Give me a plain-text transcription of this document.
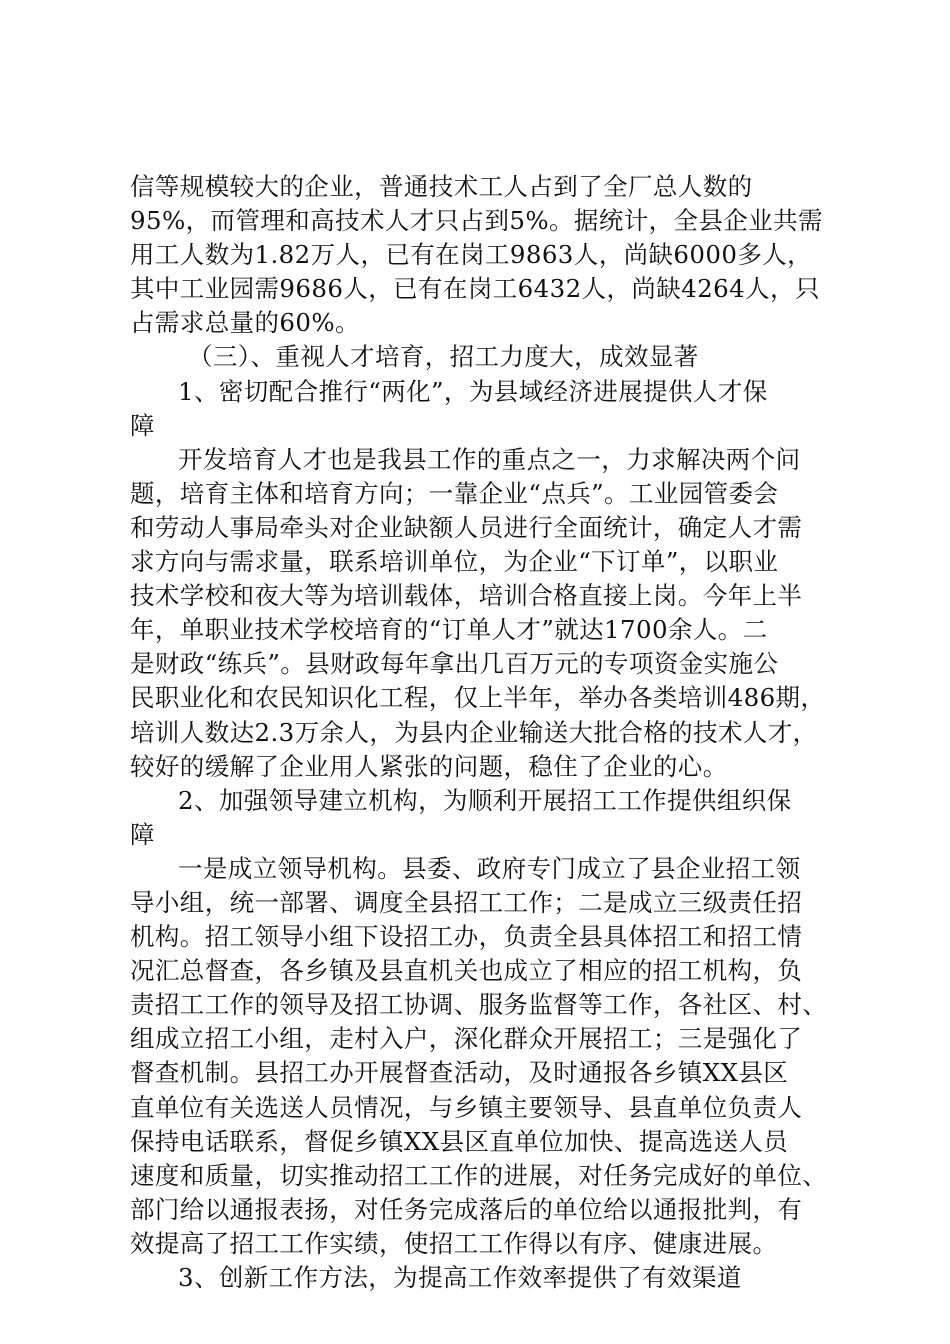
信等规模较大的企业，普通技术工人占到了全厂总人数的
95%，而管理和高技术人才只占到5%。据统计，全县企业共需
用工人数为1.82万人，已有在岗工9863人，尚缺6000多人，
其中工业园需9686人，已有在岗工6432人，尚缺4264人，只
占需求总量的60%。
（三）、重视人才培育，招工力度大，成效显著
1、密切配合推行“两化”，为县域经济进展提供人才保
障
开发培育人才也是我县工作的重点之一，力求解决两个问
题，培育主体和培育方向；一靠企业“点兵”。工业园管委会
和劳动人事局牵头对企业缺额人员进行全面统计，确定人才需
求方向与需求量，联系培训单位，为企业“下订单”，以职业
技术学校和夜大等为培训载体，培训合格直接上岗。今年上半
年，单职业技术学校培育的“订单人才”就达1700余人。二
是财政“练兵”。县财政每年拿出几百万元的专项资金实施公
民职业化和农民知识化工程，仅上半年，举办各类培训486期，
培训人数达2.3万余人，为县内企业输送大批合格的技术人才，
较好的缓解了企业用人紧张的问题，稳住了企业的心。
2、加强领导建立机构，为顺利开展招工工作提供组织保
障
一是成立领导机构。县委、政府专门成立了县企业招工领
导小组，统一部署、调度全县招工工作；二是成立三级责任招
机构。招工领导小组下设招工办，负责全县具体招工和招工情
况汇总督查，各乡镇及县直机关也成立了相应的招工机构，负
责招工工作的领导及招工协调、服务监督等工作，各社区、村、
组成立招工小组，走村入户，深化群众开展招工；三是强化了
督查机制。县招工办开展督查活动，及时通报各乡镇XX县区
直单位有关选送人员情况，与乡镇主要领导、县直单位负责人
保持电话联系，督促乡镇XX县区直单位加快、提高选送人员
速度和质量，切实推动招工工作的进展，对任务完成好的单位、
部门给以通报表扬，对任务完成落后的单位给以通报批判，有
效提高了招工工作实绩，使招工工作得以有序、健康进展。
3、创新工作方法，为提高工作效率提供了有效渠道
